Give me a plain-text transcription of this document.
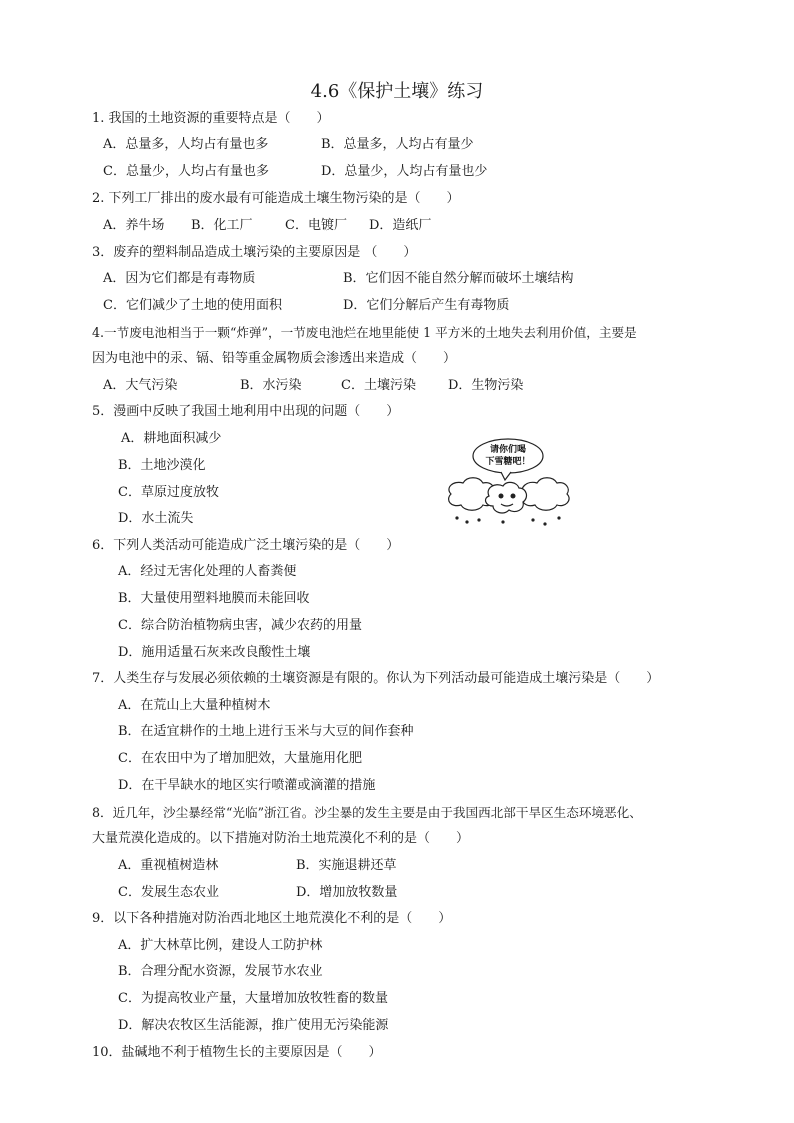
4.6《保护土壤》练习
1. 我国的土地资源的重要特点是（　　）
A．总量多，人均占有量也多	B．总量多，人均占有量少
C．总量少，人均占有量也多	D．总量少，人均占有量也少
2. 下列工厂排出的废水最有可能造成土壤生物污染的是（　　）
A．养牛场 B．化工厂 C．电镀厂 D．造纸厂
3．废弃的塑料制品造成土壤污染的主要原因是 （　　）
A．因为它们都是有毒物质	B．它们因不能自然分解而破坏土壤结构
C．它们减少了土地的使用面积	D．它们分解后产生有毒物质
4.一节废电池相当于一颗“炸弹”，一节废电池烂在地里能使 1 平方米的土地失去利用价值，主要是
因为电池中的汞、镉、铅等重金属物质会渗透出来造成（　　）
A．大气污染	B．水污染	C．土壤污染 D．生物污染
5．漫画中反映了我国土地利用中出现的问题（　　）
A．耕地面积减少
B．土地沙漠化
C．草原过度放牧
D．水土流失
请你们喝
下雪糖吧！
6．下列人类活动可能造成广泛土壤污染的是（　　）
A．经过无害化处理的人畜粪便
B．大量使用塑料地膜而未能回收
C．综合防治植物病虫害，减少农药的用量
D．施用适量石灰来改良酸性土壤
7．人类生存与发展必须依赖的土壤资源是有限的。你认为下列活动最可能造成土壤污染是（　　）
A．在荒山上大量种植树木
B．在适宜耕作的土地上进行玉米与大豆的间作套种
C．在农田中为了增加肥效，大量施用化肥
D．在干旱缺水的地区实行喷灌或滴灌的措施
8．近几年，沙尘暴经常“光临”浙江省。沙尘暴的发生主要是由于我国西北部干旱区生态环境恶化、
大量荒漠化造成的。以下措施对防治土地荒漠化不利的是（　　）
A．重视植树造林	B．实施退耕还草
C．发展生态农业	D．增加放牧数量
9．以下各种措施对防治西北地区土地荒漠化不利的是（　　）
A．扩大林草比例，建设人工防护林
B．合理分配水资源，发展节水农业
C．为提高牧业产量，大量增加放牧牲畜的数量
D．解决农牧区生活能源，推广使用无污染能源
10．盐碱地不利于植物生长的主要原因是（　　）
